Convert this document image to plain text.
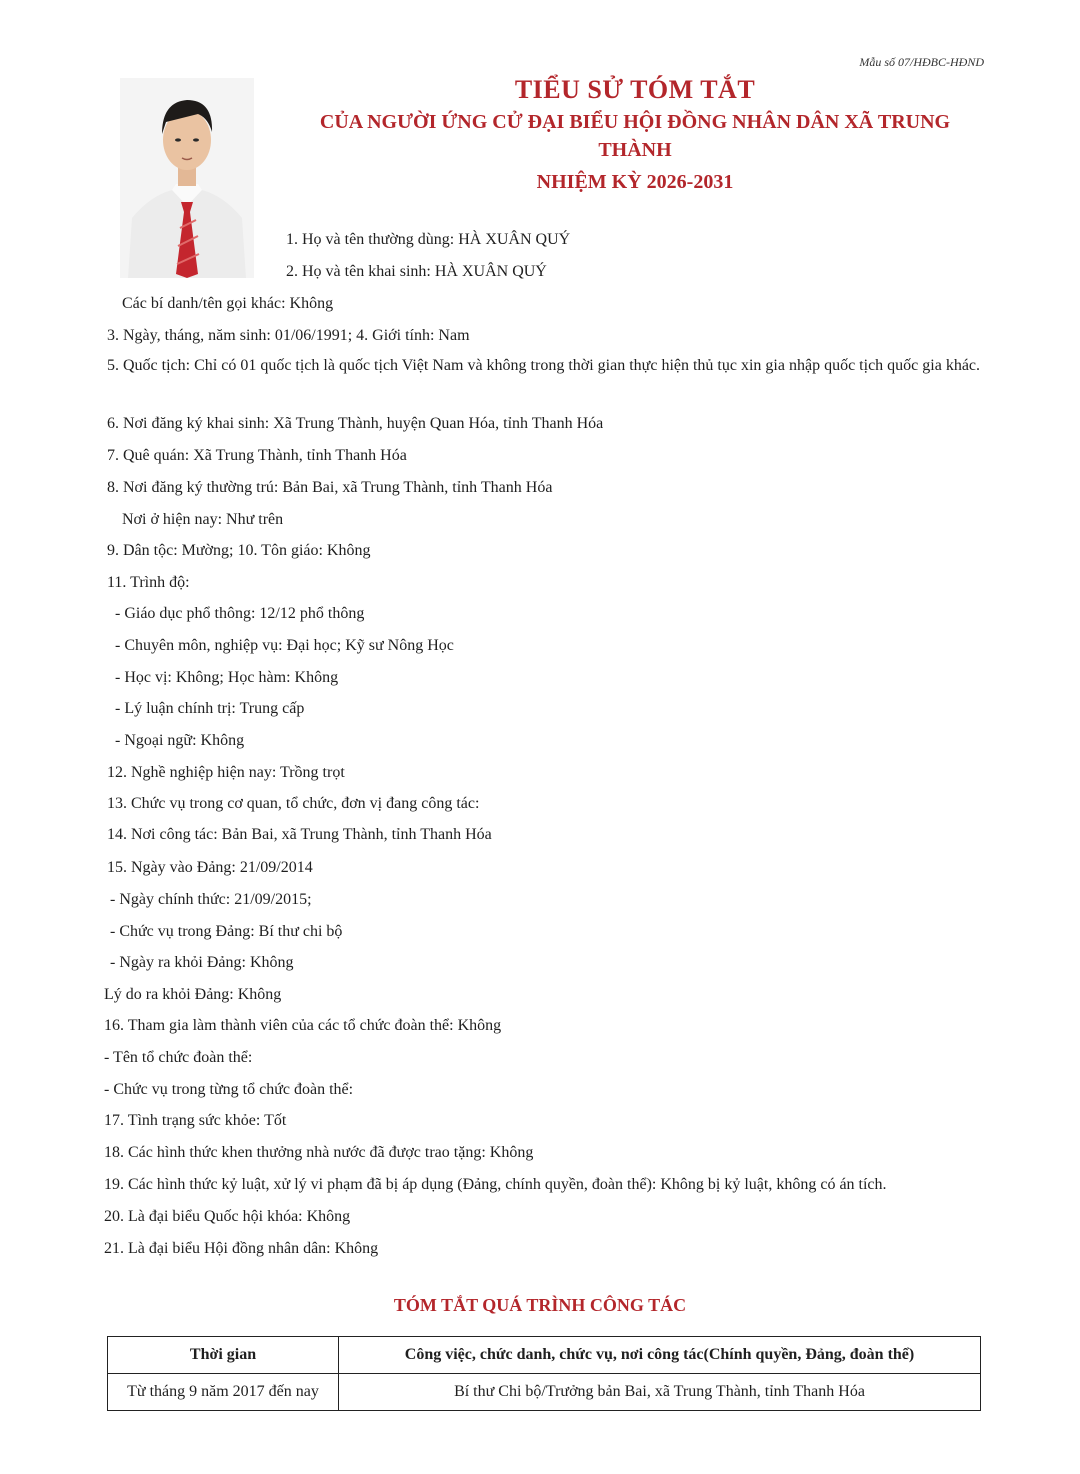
Mẫu số 07/HĐBC-HĐND
TIỂU SỬ TÓM TẮT
CỦA NGƯỜI ỨNG CỬ ĐẠI BIỂU HỘI ĐỒNG NHÂN DÂN XÃ TRUNG THÀNH
NHIỆM KỲ 2026-2031
1. Họ và tên thường dùng: HÀ XUÂN QUÝ
2. Họ và tên khai sinh: HÀ XUÂN QUÝ
Các bí danh/tên gọi khác: Không
3. Ngày, tháng, năm sinh: 01/06/1991; 4. Giới tính: Nam
5. Quốc tịch: Chỉ có 01 quốc tịch là quốc tịch Việt Nam và không trong thời gian thực hiện thủ tục xin gia nhập quốc tịch quốc gia khác.
6. Nơi đăng ký khai sinh: Xã Trung Thành, huyện Quan Hóa, tỉnh Thanh Hóa
7. Quê quán: Xã Trung Thành, tỉnh Thanh Hóa
8. Nơi đăng ký thường trú: Bản Bai, xã Trung Thành, tỉnh Thanh Hóa
Nơi ở hiện nay: Như trên
9. Dân tộc: Mường; 10. Tôn giáo: Không
11. Trình độ:
- Giáo dục phổ thông: 12/12 phổ thông
- Chuyên môn, nghiệp vụ: Đại học; Kỹ sư Nông Học
- Học vị: Không; Học hàm: Không
- Lý luận chính trị: Trung cấp
- Ngoại ngữ: Không
12. Nghề nghiệp hiện nay: Trồng trọt
13. Chức vụ trong cơ quan, tổ chức, đơn vị đang công tác:
14. Nơi công tác: Bản Bai, xã Trung Thành, tỉnh Thanh Hóa
15. Ngày vào Đảng: 21/09/2014
- Ngày chính thức: 21/09/2015;
- Chức vụ trong Đảng: Bí thư chi bộ
- Ngày ra khỏi Đảng: Không
Lý do ra khỏi Đảng: Không
16. Tham gia làm thành viên của các tổ chức đoàn thể: Không
- Tên tổ chức đoàn thể:
- Chức vụ trong từng tổ chức đoàn thể:
17. Tình trạng sức khỏe: Tốt
18. Các hình thức khen thưởng nhà nước đã được trao tặng: Không
19. Các hình thức kỷ luật, xử lý vi phạm đã bị áp dụng (Đảng, chính quyền, đoàn thể): Không bị kỷ luật, không có án tích.
20. Là đại biểu Quốc hội khóa: Không
21. Là đại biểu Hội đồng nhân dân: Không
TÓM TẮT QUÁ TRÌNH CÔNG TÁC
Thời gian	Công việc, chức danh, chức vụ, nơi công tác(Chính quyền, Đảng, đoàn thể)
Từ tháng 9 năm 2017 đến nay	Bí thư Chi bộ/Trưởng bản Bai, xã Trung Thành, tỉnh Thanh Hóa
